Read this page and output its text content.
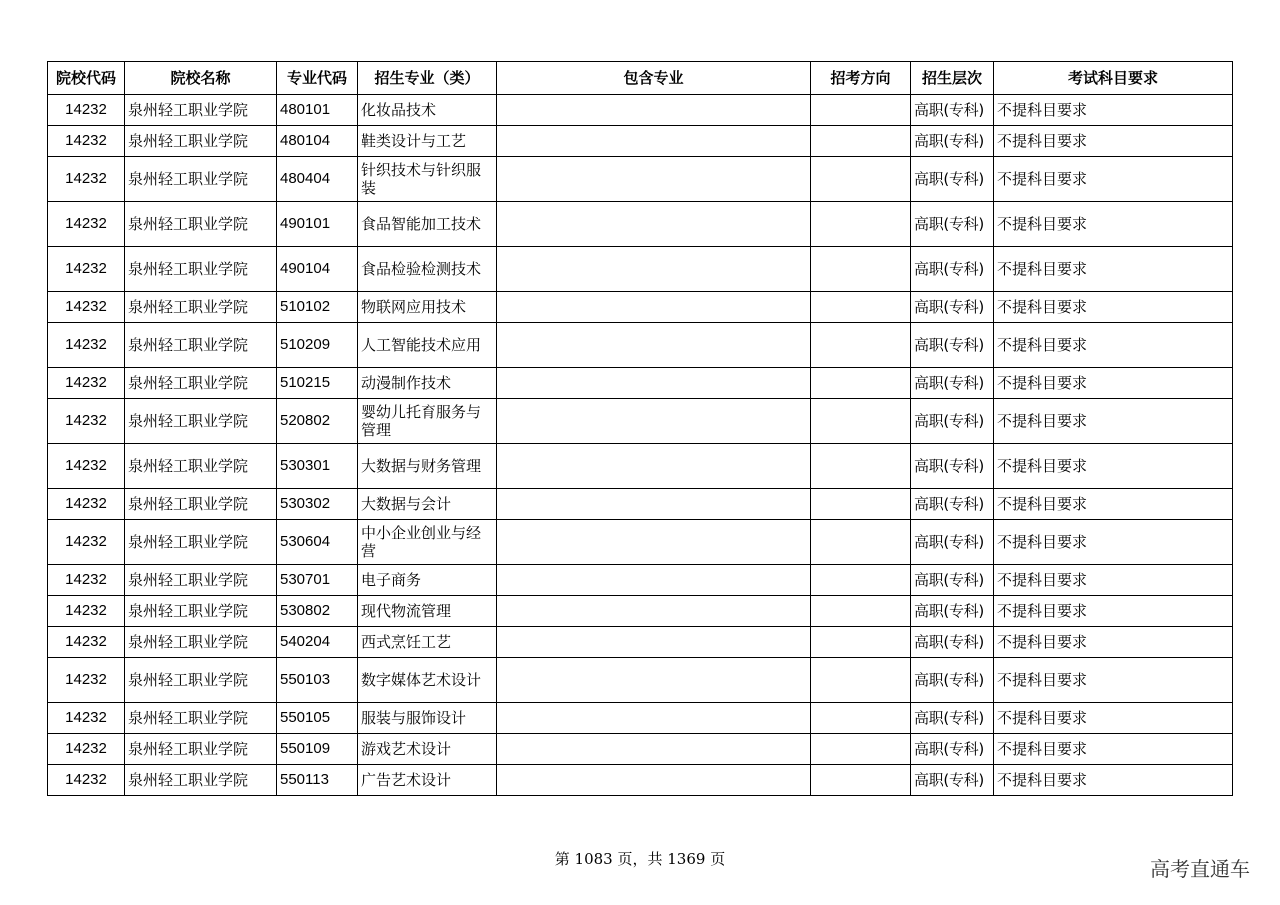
院校代码	院校名称	专业代码	招生专业（类）	包含专业	招考方向	招生层次	考试科目要求
14232	泉州轻工职业学院	480101	化妆品技术			高职(专科)	不提科目要求
14232	泉州轻工职业学院	480104	鞋类设计与工艺			高职(专科)	不提科目要求
14232	泉州轻工职业学院	480404	针织技术与针织服装			高职(专科)	不提科目要求
14232	泉州轻工职业学院	490101	食品智能加工技术			高职(专科)	不提科目要求
14232	泉州轻工职业学院	490104	食品检验检测技术			高职(专科)	不提科目要求
14232	泉州轻工职业学院	510102	物联网应用技术			高职(专科)	不提科目要求
14232	泉州轻工职业学院	510209	人工智能技术应用			高职(专科)	不提科目要求
14232	泉州轻工职业学院	510215	动漫制作技术			高职(专科)	不提科目要求
14232	泉州轻工职业学院	520802	婴幼儿托育服务与管理			高职(专科)	不提科目要求
14232	泉州轻工职业学院	530301	大数据与财务管理			高职(专科)	不提科目要求
14232	泉州轻工职业学院	530302	大数据与会计			高职(专科)	不提科目要求
14232	泉州轻工职业学院	530604	中小企业创业与经营			高职(专科)	不提科目要求
14232	泉州轻工职业学院	530701	电子商务			高职(专科)	不提科目要求
14232	泉州轻工职业学院	530802	现代物流管理			高职(专科)	不提科目要求
14232	泉州轻工职业学院	540204	西式烹饪工艺			高职(专科)	不提科目要求
14232	泉州轻工职业学院	550103	数字媒体艺术设计			高职(专科)	不提科目要求
14232	泉州轻工职业学院	550105	服装与服饰设计			高职(专科)	不提科目要求
14232	泉州轻工职业学院	550109	游戏艺术设计			高职(专科)	不提科目要求
14232	泉州轻工职业学院	550113	广告艺术设计			高职(专科)	不提科目要求
第 1083 页，共 1369 页	高考直通车
